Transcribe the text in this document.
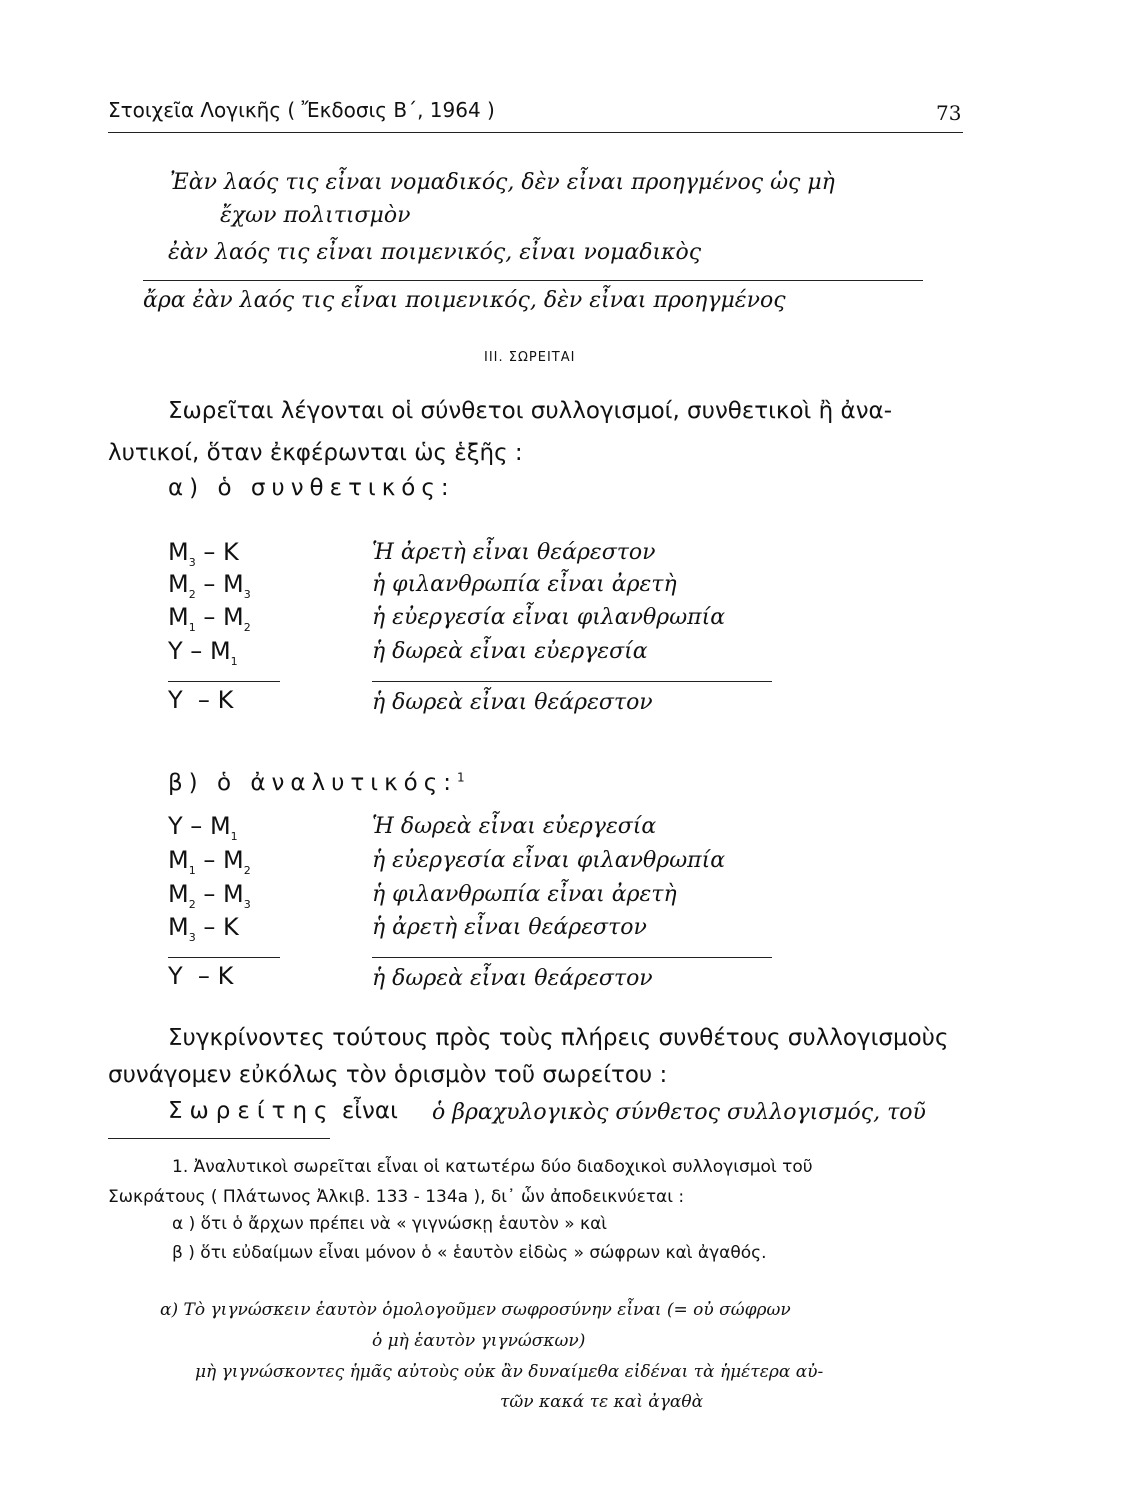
Στοιχεῖα Λογικῆς ( Ἔκδοσις Β΄, 1964 )	73
Ἐὰν λαός τις εἶναι νομαδικός, δὲν εἶναι προηγμένος ὡς μὴ
ἔχων πολιτισμὸν
ἐὰν λαός τις εἶναι ποιμενικός, εἶναι νομαδικὸς
ἄρα ἐὰν λαός τις εἶναι ποιμενικός, δὲν εἶναι προηγμένος
ΙΙΙ. ΣΩΡΕΙΤΑΙ
Σωρεῖται λέγονται οἱ σύνθετοι συλλογισμοί, συνθετικοὶ ἢ ἀνα-
λυτικοί, ὅταν ἐκφέρωνται ὡς ἑξῆς :
α) ὁ συνθετικός:
$M_3$ – K	Ἡ ἀρετὴ εἶναι θεάρεστον
$M_2 - M_3$	ἡ φιλανθρωπία εἶναι ἀρετὴ
$M_1 - M_2$	ἡ εὐεργεσία εἶναι φιλανθρωπία
Y – $M_1$	ἡ δωρεὰ εἶναι εὐεργεσία
Y  – K	ἡ δωρεὰ εἶναι θεάρεστον
β) ὁ ἀναλυτικός:$^1$
Y – $M_1$	Ἡ δωρεὰ εἶναι εὐεργεσία
$M_1 - M_2$	ἡ εὐεργεσία εἶναι φιλανθρωπία
$M_2 - M_3$	ἡ φιλανθρωπία εἶναι ἀρετὴ
$M_3$ – K	ἡ ἀρετὴ εἶναι θεάρεστον
Y  – K	ἡ δωρεὰ εἶναι θεάρεστον
Συγκρίνοντες τούτους πρὸς τοὺς πλήρεις συνθέτους συλλογισμοὺς
συνάγομεν εὐκόλως τὸν ὁρισμὸν τοῦ σωρείτου :
Σωρείτης εἶναι ὁ βραχυλογικὸς σύνθετος συλλογισμός, τοῦ
1. Ἀναλυτικοὶ σωρεῖται εἶναι οἱ κατωτέρω δύο διαδοχικοὶ συλλογισμοὶ τοῦ
Σωκράτους ( Πλάτωνος Ἀλκιβ. 133 - 134a ), δι᾿ ὧν ἀποδεικνύεται :
α ) ὅτι ὁ ἄρχων πρέπει νὰ « γιγνώσκῃ ἑαυτὸν » καὶ
β ) ὅτι εὐδαίμων εἶναι μόνον ὁ « ἑαυτὸν εἰδὼς » σώφρων καὶ ἀγαθός.
α) Τὸ γιγνώσκειν ἑαυτὸν ὁμολογοῦμεν σωφροσύνην εἶναι (= οὐ σώφρων
ὁ μὴ ἑαυτὸν γιγνώσκων)
μὴ γιγνώσκοντες ἡμᾶς αὐτοὺς οὐκ ἂν δυναίμεθα εἰδέναι τὰ ἡμέτερα αὐ-
τῶν κακά τε καὶ ἀγαθὰ
